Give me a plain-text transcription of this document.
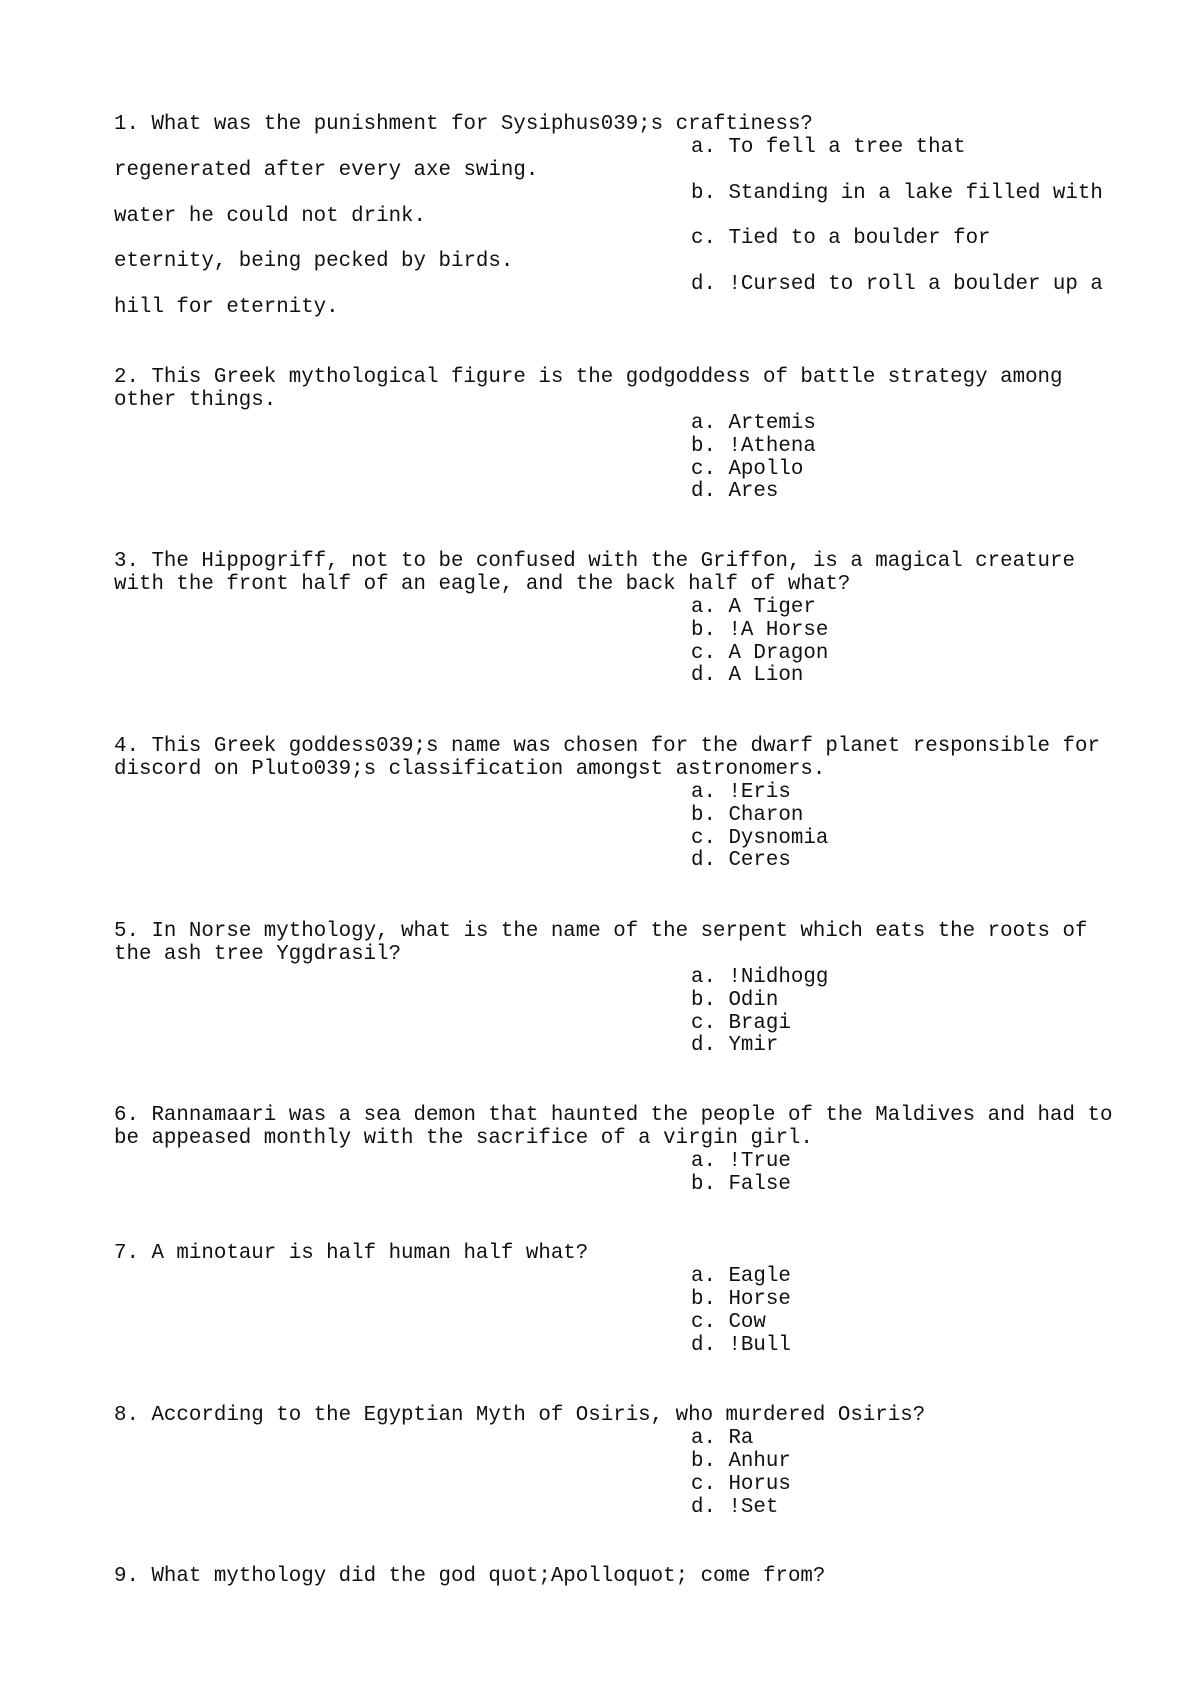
1. What was the punishment for Sysiphus039;s craftiness?
a. To fell a tree that
regenerated after every axe swing.
b. Standing in a lake filled with
water he could not drink.
c. Tied to a boulder for
eternity, being pecked by birds.
d. !Cursed to roll a boulder up a
hill for eternity.
2. This Greek mythological figure is the godgoddess of battle strategy among
other things.
a. Artemis
b. !Athena
c. Apollo
d. Ares
3. The Hippogriff, not to be confused with the Griffon, is a magical creature
with the front half of an eagle, and the back half of what?
a. A Tiger
b. !A Horse
c. A Dragon
d. A Lion
4. This Greek goddess039;s name was chosen for the dwarf planet responsible for
discord on Pluto039;s classification amongst astronomers.
a. !Eris
b. Charon
c. Dysnomia
d. Ceres
5. In Norse mythology, what is the name of the serpent which eats the roots of
the ash tree Yggdrasil?
a. !Nidhogg
b. Odin
c. Bragi
d. Ymir
6. Rannamaari was a sea demon that haunted the people of the Maldives and had to
be appeased monthly with the sacrifice of a virgin girl.
a. !True
b. False
7. A minotaur is half human half what?
a. Eagle
b. Horse
c. Cow
d. !Bull
8. According to the Egyptian Myth of Osiris, who murdered Osiris?
a. Ra
b. Anhur
c. Horus
d. !Set
9. What mythology did the god quot;Apolloquot; come from?
